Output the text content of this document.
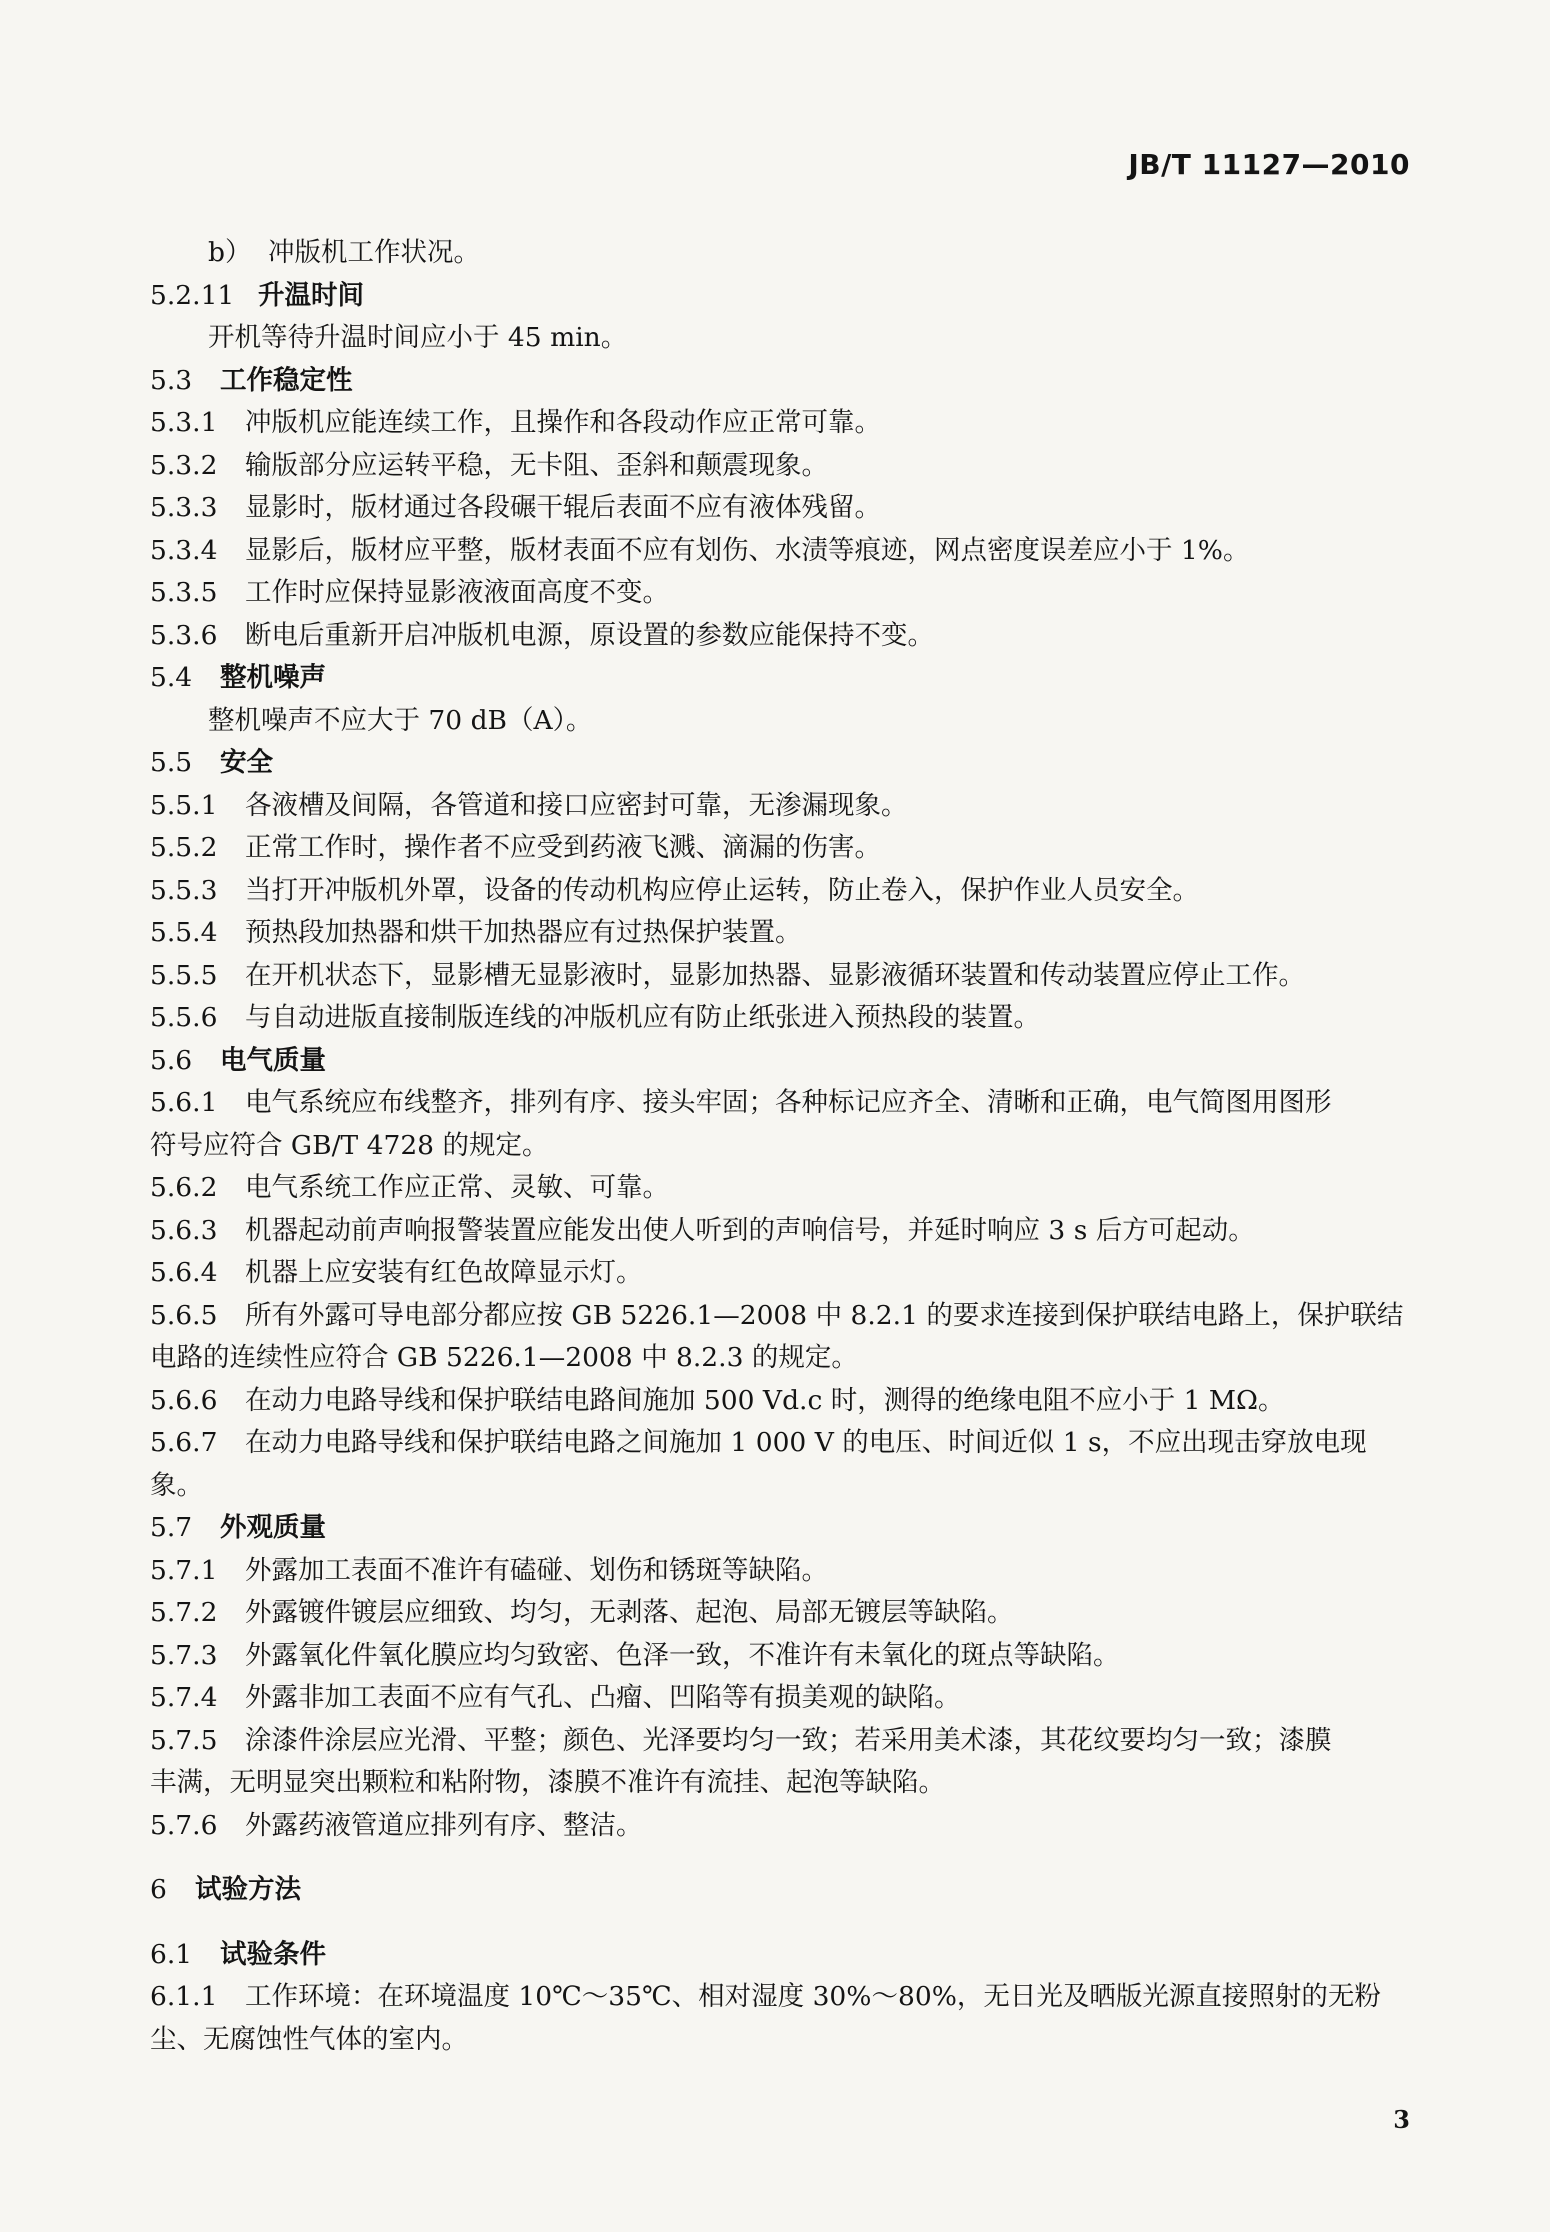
JB/T 11127—2010
b） 冲版机工作状况。
5.2.11 升温时间
开机等待升温时间应小于 45 min。
5.3 工作稳定性
5.3.1 冲版机应能连续工作，且操作和各段动作应正常可靠。
5.3.2 输版部分应运转平稳，无卡阻、歪斜和颠震现象。
5.3.3 显影时，版材通过各段碾干辊后表面不应有液体残留。
5.3.4 显影后，版材应平整，版材表面不应有划伤、水渍等痕迹，网点密度误差应小于 1%。
5.3.5 工作时应保持显影液液面高度不变。
5.3.6 断电后重新开启冲版机电源，原设置的参数应能保持不变。
5.4 整机噪声
整机噪声不应大于 70 dB（A）。
5.5 安全
5.5.1 各液槽及间隔，各管道和接口应密封可靠，无渗漏现象。
5.5.2 正常工作时，操作者不应受到药液飞溅、滴漏的伤害。
5.5.3 当打开冲版机外罩，设备的传动机构应停止运转，防止卷入，保护作业人员安全。
5.5.4 预热段加热器和烘干加热器应有过热保护装置。
5.5.5 在开机状态下，显影槽无显影液时，显影加热器、显影液循环装置和传动装置应停止工作。
5.5.6 与自动进版直接制版连线的冲版机应有防止纸张进入预热段的装置。
5.6 电气质量
5.6.1 电气系统应布线整齐，排列有序、接头牢固；各种标记应齐全、清晰和正确，电气简图用图形
符号应符合 GB/T 4728 的规定。
5.6.2 电气系统工作应正常、灵敏、可靠。
5.6.3 机器起动前声响报警装置应能发出使人听到的声响信号，并延时响应 3 s 后方可起动。
5.6.4 机器上应安装有红色故障显示灯。
5.6.5 所有外露可导电部分都应按 GB 5226.1—2008 中 8.2.1 的要求连接到保护联结电路上，保护联结
电路的连续性应符合 GB 5226.1—2008 中 8.2.3 的规定。
5.6.6 在动力电路导线和保护联结电路间施加 500 Vd.c 时，测得的绝缘电阻不应小于 1 MΩ。
5.6.7 在动力电路导线和保护联结电路之间施加 1 000 V 的电压、时间近似 1 s，不应出现击穿放电现
象。
5.7 外观质量
5.7.1 外露加工表面不准许有磕碰、划伤和锈斑等缺陷。
5.7.2 外露镀件镀层应细致、均匀，无剥落、起泡、局部无镀层等缺陷。
5.7.3 外露氧化件氧化膜应均匀致密、色泽一致，不准许有未氧化的斑点等缺陷。
5.7.4 外露非加工表面不应有气孔、凸瘤、凹陷等有损美观的缺陷。
5.7.5 涂漆件涂层应光滑、平整；颜色、光泽要均匀一致；若采用美术漆，其花纹要均匀一致；漆膜
丰满，无明显突出颗粒和粘附物，漆膜不准许有流挂、起泡等缺陷。
5.7.6 外露药液管道应排列有序、整洁。
6 试验方法
6.1 试验条件
6.1.1 工作环境：在环境温度 10℃～35℃、相对湿度 30%～80%，无日光及晒版光源直接照射的无粉
尘、无腐蚀性气体的室内。
3
